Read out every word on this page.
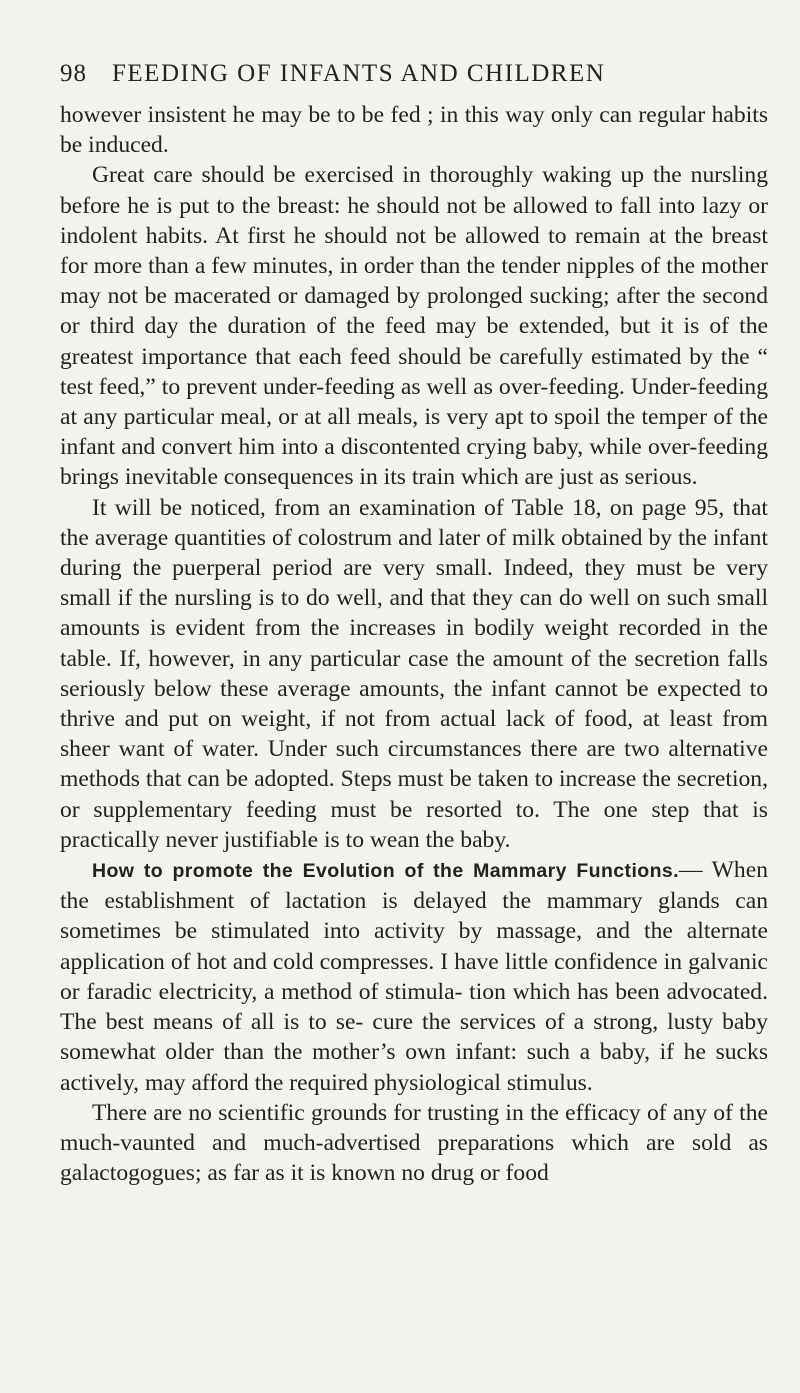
98	FEEDING OF INFANTS AND CHILDREN

however insistent he may be to be fed ; in this way only can regular habits be induced.

Great care should be exercised in thoroughly waking up the nursling before he is put to the breast: he should not be allowed to fall into lazy or indolent habits. At first he should not be allowed to remain at the breast for more than a few minutes, in order than the tender nipples of the mother may not be macerated or damaged by prolonged sucking; after the second or third day the duration of the feed may be extended, but it is of the greatest importance that each feed should be carefully estimated by the “ test feed,” to prevent under-feeding as well as over-feeding. Under-feeding at any particular meal, or at all meals, is very apt to spoil the temper of the infant and convert him into a discontented crying baby, while over-feeding brings inevitable consequences in its train which are just as serious.

It will be noticed, from an examination of Table 18, on page 95, that the average quantities of colostrum and later of milk obtained by the infant during the puerperal period are very small. Indeed, they must be very small if the nursling is to do well, and that they can do well on such small amounts is evident from the increases in bodily weight recorded in the table. If, however, in any particular case the amount of the secretion falls seriously below these average amounts, the infant cannot be expected to thrive and put on weight, if not from actual lack of food, at least from sheer want of water. Under such circumstances there are two alternative methods that can be adopted. Steps must be taken to increase the secretion, or supplementary feeding must be resorted to. The one step that is practically never justifiable is to wean the baby.

How to promote the Evolution of the Mammary Functions.— When the establishment of lactation is delayed the mammary glands can sometimes be stimulated into activity by massage, and the alternate application of hot and cold compresses. I have little confidence in galvanic or faradic electricity, a method of stimula- tion which has been advocated. The best means of all is to se- cure the services of a strong, lusty baby somewhat older than the mother’s own infant: such a baby, if he sucks actively, may afford the required physiological stimulus.

There are no scientific grounds for trusting in the efficacy of any of the much-vaunted and much-advertised preparations which are sold as galactogogues; as far as it is known no drug or food
